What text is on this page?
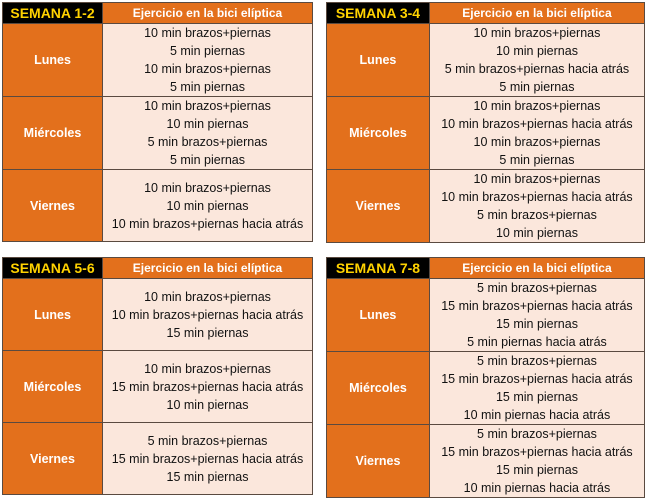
SEMANA 1-2	Ejercicio en la bici elíptica
Lunes	10 min brazos+piernas
5 min piernas
10 min brazos+piernas
5 min piernas

Miércoles	10 min brazos+piernas
10 min piernas
5 min brazos+piernas
5 min piernas

Viernes	10 min brazos+piernas
10 min piernas
10 min brazos+piernas hacia atrás
SEMANA 3-4	Ejercicio en la bici elíptica
Lunes	10 min brazos+piernas
10 min piernas
5 min brazos+piernas hacia atrás
5 min piernas

Miércoles	10 min brazos+piernas
10 min brazos+piernas hacia atrás
10 min brazos+piernas
5 min piernas

Viernes	10 min brazos+piernas
10 min brazos+piernas hacia atrás
5 min brazos+piernas
10 min piernas
SEMANA 5-6	Ejercicio en la bici elíptica
Lunes	10 min brazos+piernas
10 min brazos+piernas hacia atrás
15 min piernas

Miércoles	10 min brazos+piernas
15 min brazos+piernas hacia atrás
10 min piernas

Viernes	5 min brazos+piernas
15 min brazos+piernas hacia atrás
15 min piernas
SEMANA 7-8	Ejercicio en la bici elíptica
Lunes	5 min brazos+piernas
15 min brazos+piernas hacia atrás
15 min piernas
5 min piernas hacia atrás

Miércoles	5 min brazos+piernas
15 min brazos+piernas hacia atrás
15 min piernas
10 min piernas hacia atrás

Viernes	5 min brazos+piernas
15 min brazos+piernas hacia atrás
15 min piernas
10 min piernas hacia atrás
